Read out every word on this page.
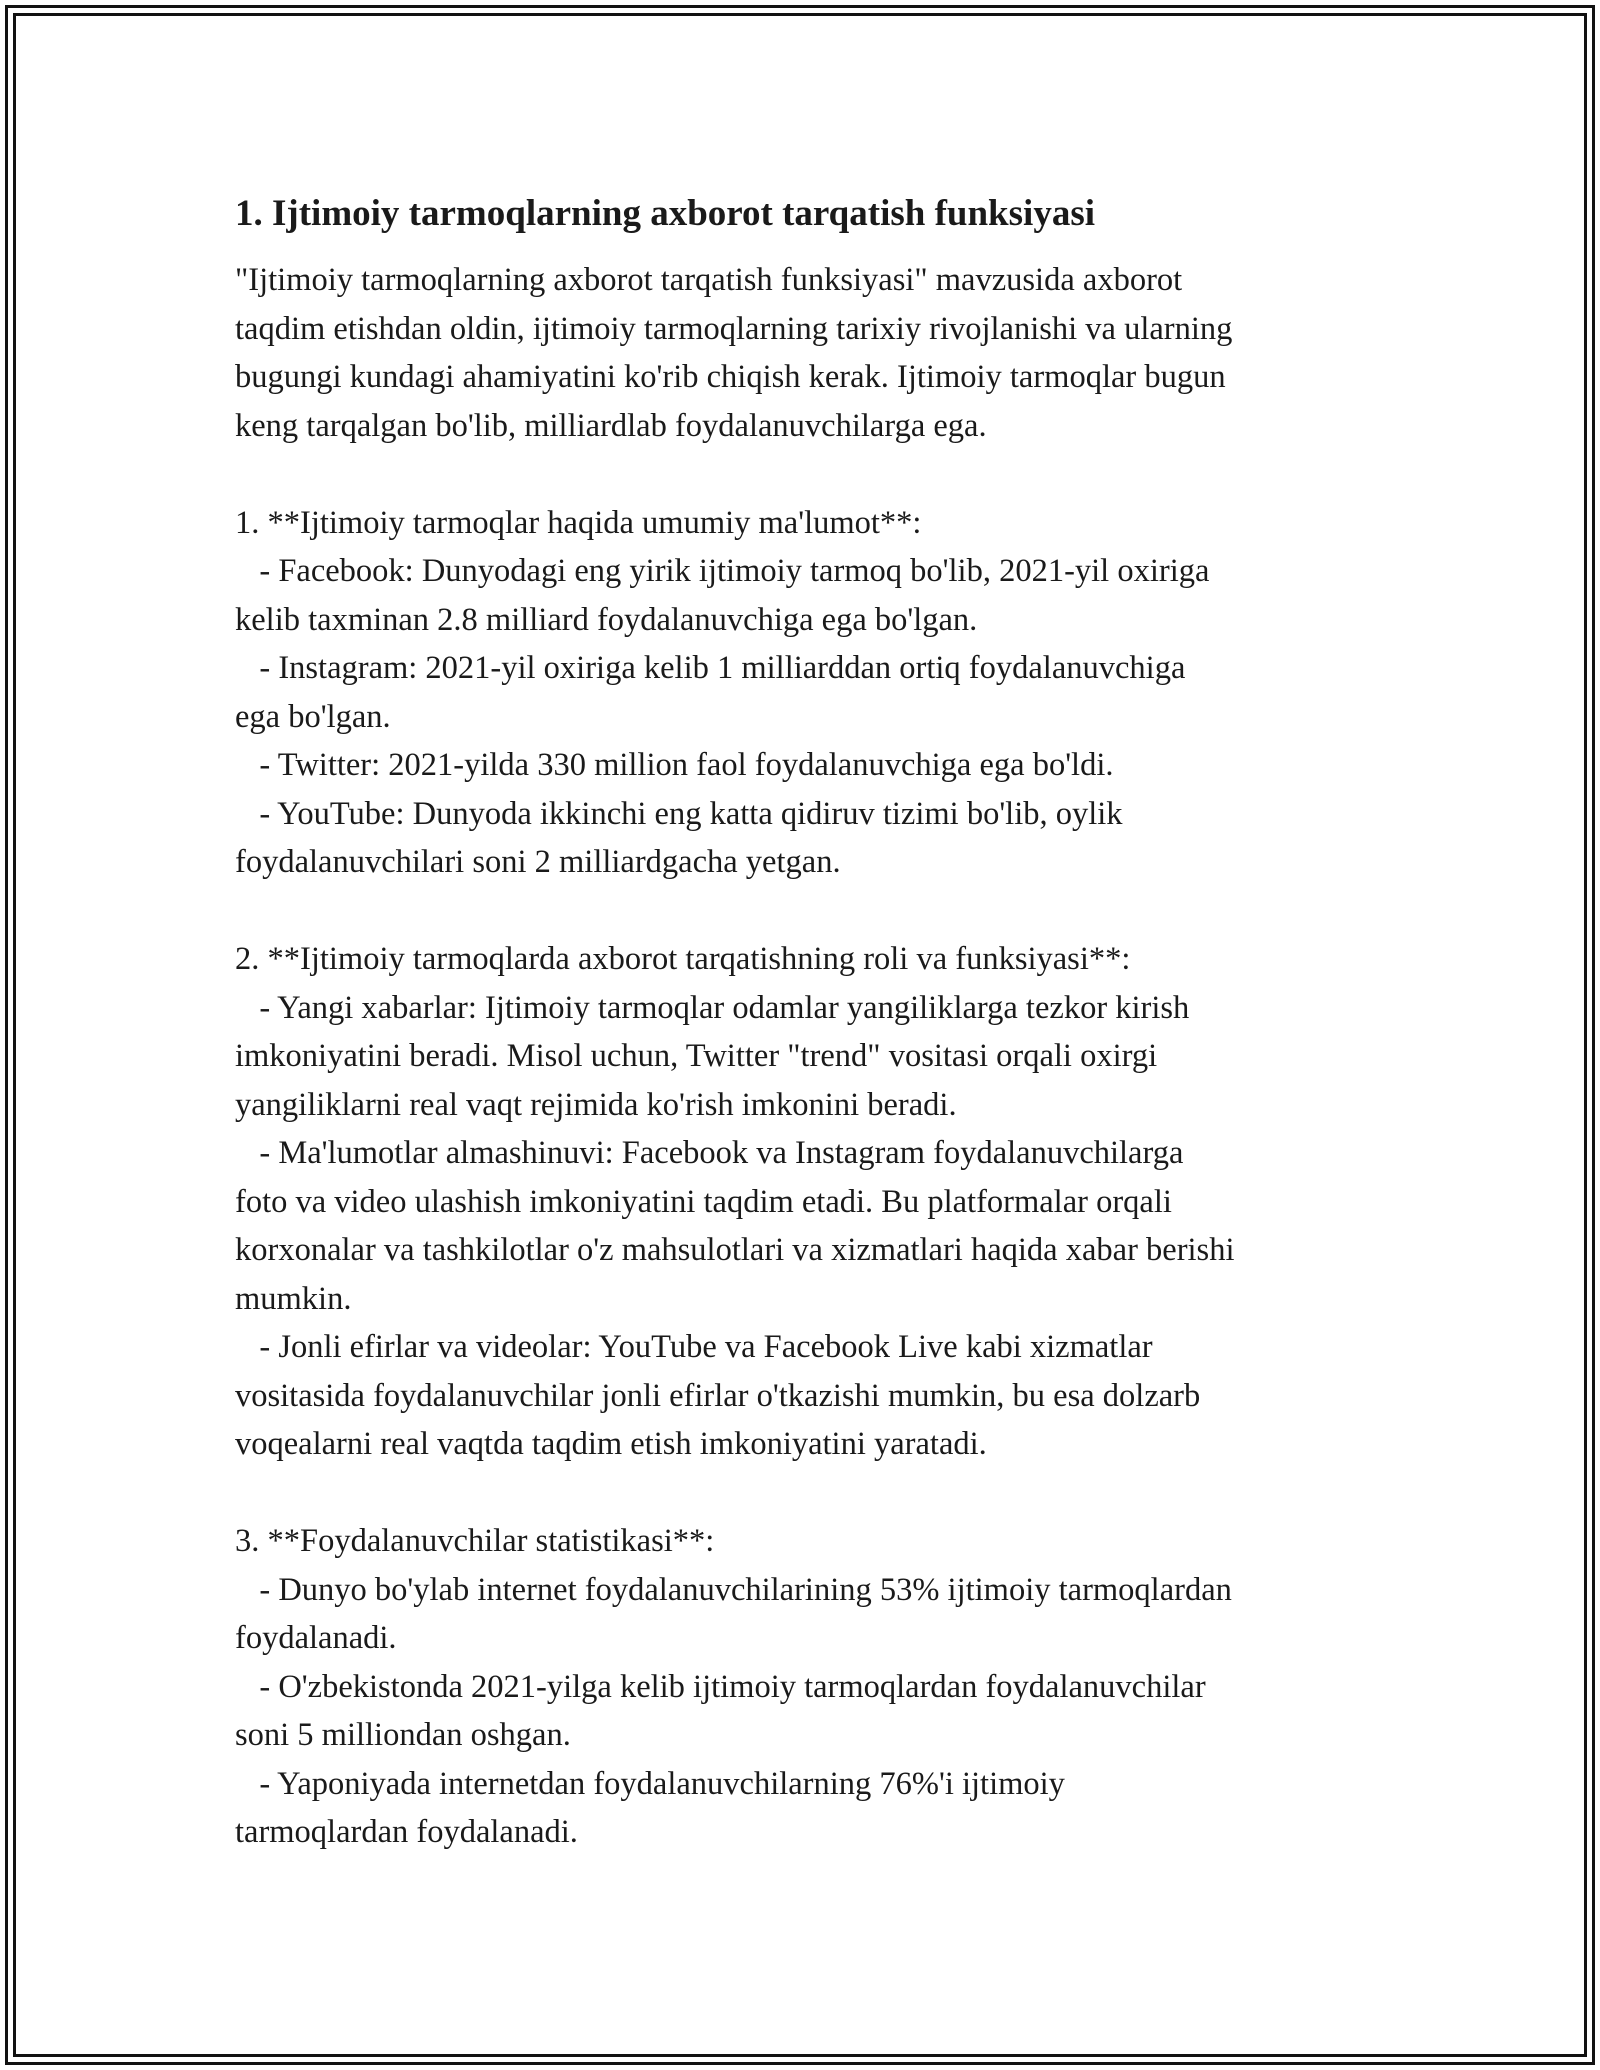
1. Ijtimoiy tarmoqlarning axborot tarqatish funksiyasi

"Ijtimoiy tarmoqlarning axborot tarqatish funksiyasi" mavzusida axborot

taqdim etishdan oldin, ijtimoiy tarmoqlarning tarixiy rivojlanishi va ularning

bugungi kundagi ahamiyatini ko'rib chiqish kerak. Ijtimoiy tarmoqlar bugun

keng tarqalgan bo'lib, milliardlab foydalanuvchilarga ega.

1. **Ijtimoiy tarmoqlar haqida umumiy ma'lumot**:

- Facebook: Dunyodagi eng yirik ijtimoiy tarmoq bo'lib, 2021-yil oxiriga

kelib taxminan 2.8 milliard foydalanuvchiga ega bo'lgan.

- Instagram: 2021-yil oxiriga kelib 1 milliarddan ortiq foydalanuvchiga

ega bo'lgan.

- Twitter: 2021-yilda 330 million faol foydalanuvchiga ega bo'ldi.

- YouTube: Dunyoda ikkinchi eng katta qidiruv tizimi bo'lib, oylik

foydalanuvchilari soni 2 milliardgacha yetgan.

2. **Ijtimoiy tarmoqlarda axborot tarqatishning roli va funksiyasi**:

- Yangi xabarlar: Ijtimoiy tarmoqlar odamlar yangiliklarga tezkor kirish

imkoniyatini beradi. Misol uchun, Twitter "trend" vositasi orqali oxirgi

yangiliklarni real vaqt rejimida ko'rish imkonini beradi.

- Ma'lumotlar almashinuvi: Facebook va Instagram foydalanuvchilarga

foto va video ulashish imkoniyatini taqdim etadi. Bu platformalar orqali

korxonalar va tashkilotlar o'z mahsulotlari va xizmatlari haqida xabar berishi

mumkin.

- Jonli efirlar va videolar: YouTube va Facebook Live kabi xizmatlar

vositasida foydalanuvchilar jonli efirlar o'tkazishi mumkin, bu esa dolzarb

voqealarni real vaqtda taqdim etish imkoniyatini yaratadi.

3. **Foydalanuvchilar statistikasi**:

- Dunyo bo'ylab internet foydalanuvchilarining 53% ijtimoiy tarmoqlardan

foydalanadi.

- O'zbekistonda 2021-yilga kelib ijtimoiy tarmoqlardan foydalanuvchilar

soni 5 milliondan oshgan.

- Yaponiyada internetdan foydalanuvchilarning 76%'i ijtimoiy

tarmoqlardan foydalanadi.
